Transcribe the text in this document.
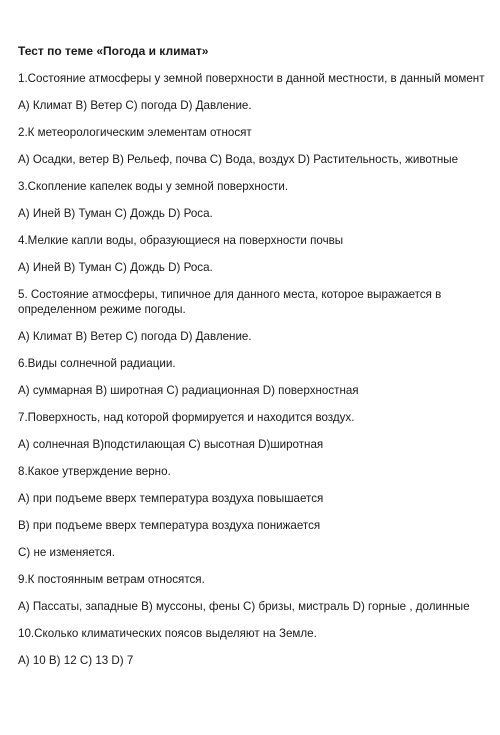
Тест по теме «Погода и климат»
1.Состояние атмосферы у земной поверхности в данной местности, в данный момент
А) Климат В) Ветер С) погода D) Давление.
2.К метеорологическим элементам относят
А) Осадки, ветер В) Рельеф, почва С) Вода, воздух D) Растительность, животные
3.Скопление капелек воды у земной поверхности.
А) Иней В) Туман С) Дождь D) Роса.
4.Мелкие капли воды, образующиеся на поверхности почвы
А) Иней В) Туман С) Дождь D) Роса.
5. Состояние атмосферы, типичное для данного места, которое выражается в
определенном режиме погоды.
А) Климат В) Ветер С) погода D) Давление.
6.Виды солнечной радиации.
А) суммарная В) широтная С) радиационная D) поверхностная
7.Поверхность, над которой формируется и находится воздух.
А) солнечная В)подстилающая С) высотная D)широтная
8.Какое утверждение верно.
А) при подъеме вверх температура воздуха повышается
В) при подъеме вверх температура воздуха понижается
С) не изменяется.
9.К постоянным ветрам относятся.
А) Пассаты, западные В) муссоны, фены С) бризы, мистраль D) горные , долинные
10.Сколько климатических поясов выделяют на Земле.
А) 10 В) 12 С) 13 D) 7
